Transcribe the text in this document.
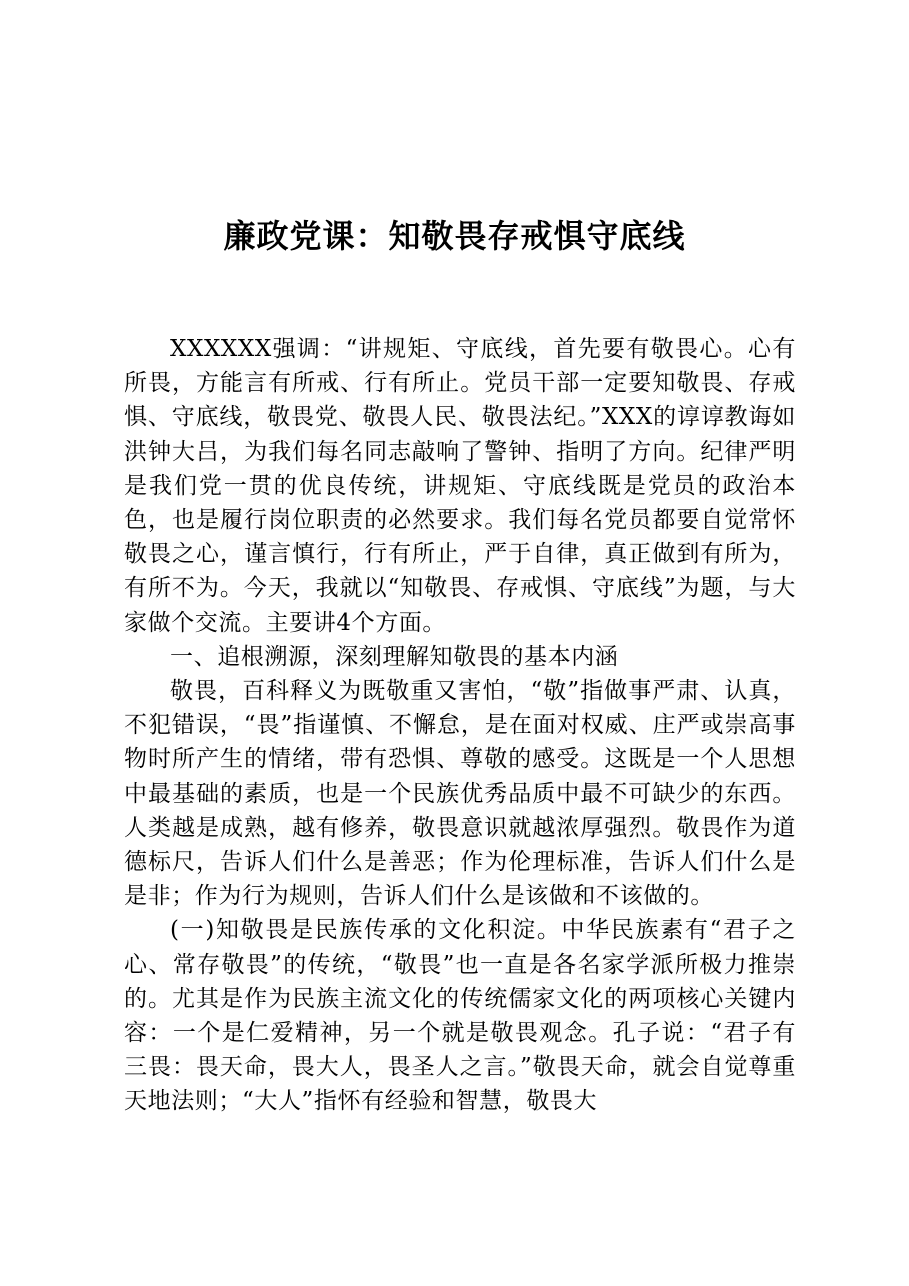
廉政党课：知敬畏存戒惧守底线

XXXXXX强调：“讲规矩、守底线，首先要有敬畏心。心有所畏，方能言有所戒、行有所止。党员干部一定要知敬畏、存戒惧、守底线，敬畏党、敬畏人民、敬畏法纪。”XXX的谆谆教诲如洪钟大吕，为我们每名同志敲响了警钟、指明了方向。纪律严明是我们党一贯的优良传统，讲规矩、守底线既是党员的政治本色，也是履行岗位职责的必然要求。我们每名党员都要自觉常怀敬畏之心，谨言慎行，行有所止，严于自律，真正做到有所为，有所不为。今天，我就以“知敬畏、存戒惧、守底线”为题，与大家做个交流。主要讲4个方面。

一、追根溯源，深刻理解知敬畏的基本内涵

敬畏，百科释义为既敬重又害怕，“敬”指做事严肃、认真，不犯错误，“畏”指谨慎、不懈怠，是在面对权威、庄严或崇高事物时所产生的情绪，带有恐惧、尊敬的感受。这既是一个人思想中最基础的素质，也是一个民族优秀品质中最不可缺少的东西。人类越是成熟，越有修养，敬畏意识就越浓厚强烈。敬畏作为道德标尺，告诉人们什么是善恶；作为伦理标准，告诉人们什么是是非；作为行为规则，告诉人们什么是该做和不该做的。

(一)知敬畏是民族传承的文化积淀。中华民族素有“君子之心、常存敬畏”的传统，“敬畏”也一直是各名家学派所极力推崇的。尤其是作为民族主流文化的传统儒家文化的两项核心关键内容：一个是仁爱精神，另一个就是敬畏观念。孔子说：“君子有三畏：畏天命，畏大人，畏圣人之言。”敬畏天命，就会自觉尊重天地法则；“大人”指怀有经验和智慧，敬畏大
